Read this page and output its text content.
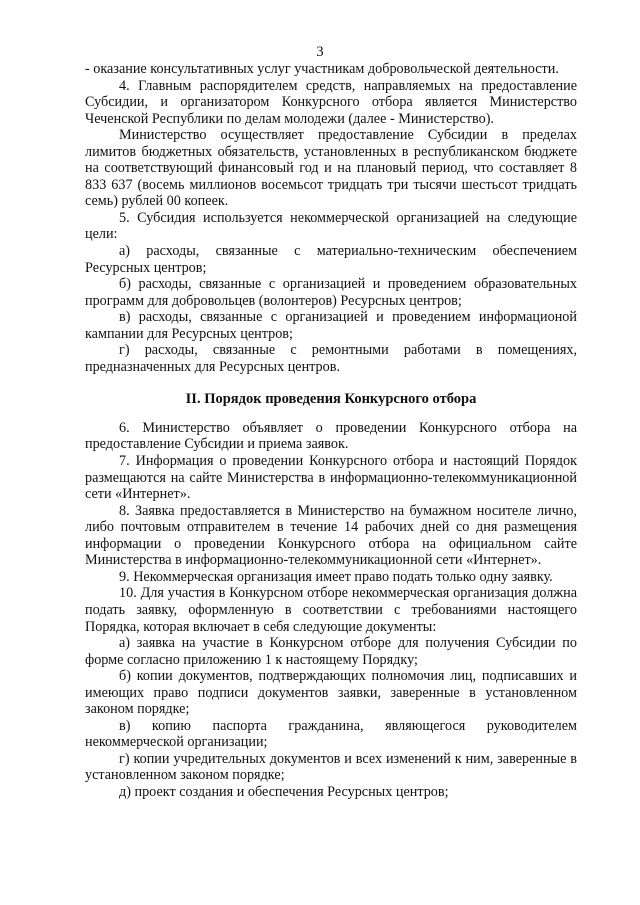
3

- оказание консультативных услуг участникам добровольческой деятельности.

4. Главным распорядителем средств, направляемых на предоставление Субсидии, и организатором Конкурсного отбора является Министерство Чеченской Республики по делам молодежи (далее - Министерство).

Министерство осуществляет предоставление Субсидии в пределах лимитов бюджетных обязательств, установленных в республиканском бюджете на соответствующий финансовый год и на плановый период, что составляет 8 833 637 (восемь миллионов восемьсот тридцать три тысячи шестьсот тридцать семь) рублей 00 копеек.

5. Субсидия используется некоммерческой организацией на следующие цели:

а) расходы, связанные с материально-техническим обеспечением Ресурсных центров;

б) расходы, связанные с организацией и проведением образовательных программ для добровольцев (волонтеров) Ресурсных центров;

в) расходы, связанные с организацией и проведением информационой кампании для Ресурсных центров;

г) расходы, связанные с ремонтными работами в помещениях, предназначенных для Ресурсных центров.

II. Порядок проведения Конкурсного отбора

6. Министерство объявляет о проведении Конкурсного отбора на предоставление Субсидии и приема заявок.

7. Информация о проведении Конкурсного отбора и настоящий Порядок размещаются на сайте Министерства в информационно-телекоммуникационной сети «Интернет».

8. Заявка предоставляется в Министерство на бумажном носителе лично, либо почтовым отправителем в течение 14 рабочих дней со дня размещения информации о проведении Конкурсного отбора на официальном сайте Министерства в информационно-телекоммуникационной сети «Интернет».

9. Некоммерческая организация имеет право подать только одну заявку.

10. Для участия в Конкурсном отборе некоммерческая организация должна подать заявку, оформленную в соответствии с требованиями настоящего Порядка, которая включает в себя следующие документы:

а) заявка на участие в Конкурсном отборе для получения Субсидии по форме согласно приложению 1 к настоящему Порядку;

б) копии документов, подтверждающих полномочия лиц, подписавших и имеющих право подписи документов заявки, заверенные в установленном законом порядке;

в) копию паспорта гражданина, являющегося руководителем некоммерческой организации;

г) копии учредительных документов и всех изменений к ним, заверенные в установленном законом порядке;

д) проект создания и обеспечения Ресурсных центров;
